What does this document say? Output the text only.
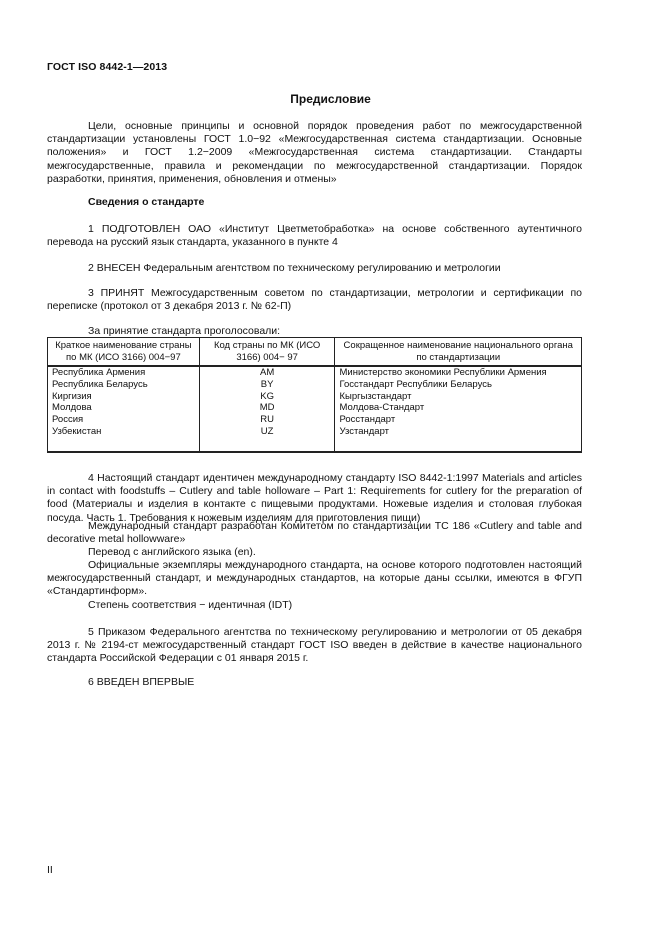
ГОСТ ISO 8442-1—2013
Предисловие

Цели, основные принципы и основной порядок проведения работ по межгосударственной стандартизации установлены ГОСТ 1.0−92 «Межгосударственная система стандартизации. Основные положения» и ГОСТ 1.2−2009 «Межгосударственная система стандартизации. Стандарты межгосударственные, правила и рекомендации по межгосударственной стандартизации. Порядок разработки, принятия, применения, обновления и отмены»

Сведения о стандарте

1 ПОДГОТОВЛЕН ОАО «Институт Цветметобработка» на основе собственного аутентичного перевода на русский язык стандарта, указанного в пункте 4

2 ВНЕСЕН Федеральным агентством по техническому регулированию и метрологии

3 ПРИНЯТ Межгосударственным советом по стандартизации, метрологии и сертификации по переписке (протокол от 3 декабря 2013 г. № 62-П)

За принятие стандарта проголосовали:
Краткое наименование страны по МК (ИСО 3166) 004−97	Код страны по МК (ИСО 3166) 004− 97	Сокращенное наименование национального органа по стандартизации
Республика Армения	AM	Министерство экономики Республики Армения
Республика Беларусь	BY	Госстандарт Республики Беларусь
Киргизия	KG	Кыргызстандарт
Молдова	MD	Молдова-Стандарт
Россия	RU	Росстандарт
Узбекистан	UZ	Узстандарт

4 Настоящий стандарт идентичен международному стандарту ISO 8442-1:1997 Materials and articles in contact with foodstuffs – Cutlery and table holloware – Part 1: Requirements for cutlery for the preparation of food (Материалы и изделия в контакте с пищевыми продуктами. Ножевые изделия и столовая глубокая посуда. Часть 1. Требования к ножевым изделиям для приготовления пищи)

Международный стандарт разработан Комитетом по стандартизации ТС 186 «Cutlery and table and decorative metal hollowware»

Перевод с английского языка (en).

Официальные экземпляры международного стандарта, на основе которого подготовлен настоящий межгосударственный стандарт, и международных стандартов, на которые даны ссылки, имеются в ФГУП «Стандартинформ».

Степень соответствия − идентичная (IDT)

5 Приказом Федерального агентства по техническому регулированию и метрологии от 05 декабря 2013 г. № 2194-ст межгосударственный стандарт ГОСТ ISO введен в действие в качестве национального стандарта Российской Федерации с 01 января 2015 г.

6 ВВЕДЕН ВПЕРВЫЕ

II
